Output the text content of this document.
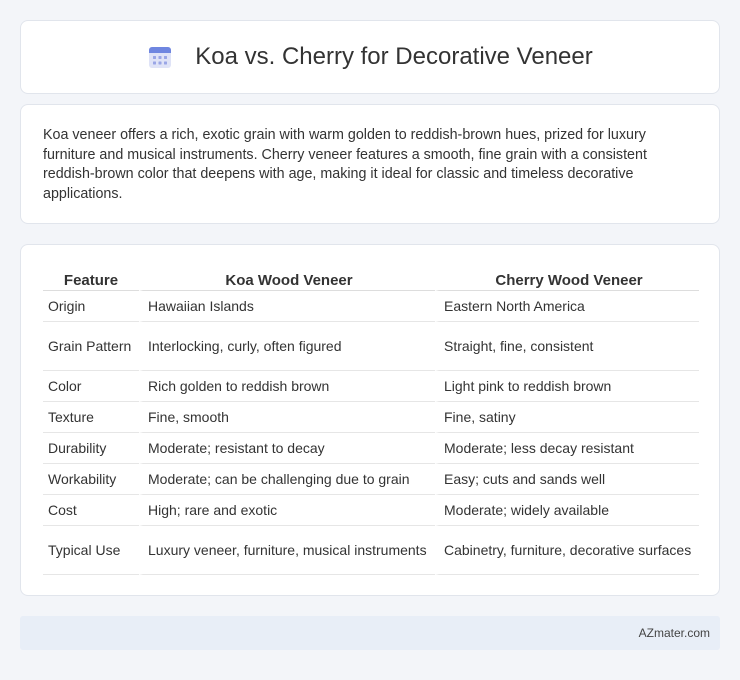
Koa vs. Cherry for Decorative Veneer

Koa veneer offers a rich, exotic grain with warm golden to reddish-brown hues, prized for luxury furniture and musical instruments. Cherry veneer features a smooth, fine grain with a consistent reddish-brown color that deepens with age, making it ideal for classic and timeless decorative applications.

Feature	Koa Wood Veneer	Cherry Wood Veneer
Origin	Hawaiian Islands	Eastern North America
Grain Pattern	Interlocking, curly, often figured	Straight, fine, consistent
Color	Rich golden to reddish brown	Light pink to reddish brown
Texture	Fine, smooth	Fine, satiny
Durability	Moderate; resistant to decay	Moderate; less decay resistant
Workability	Moderate; can be challenging due to grain	Easy; cuts and sands well
Cost	High; rare and exotic	Moderate; widely available
Typical Use	Luxury veneer, furniture, musical instruments	Cabinetry, furniture, decorative surfaces
AZmater.com
